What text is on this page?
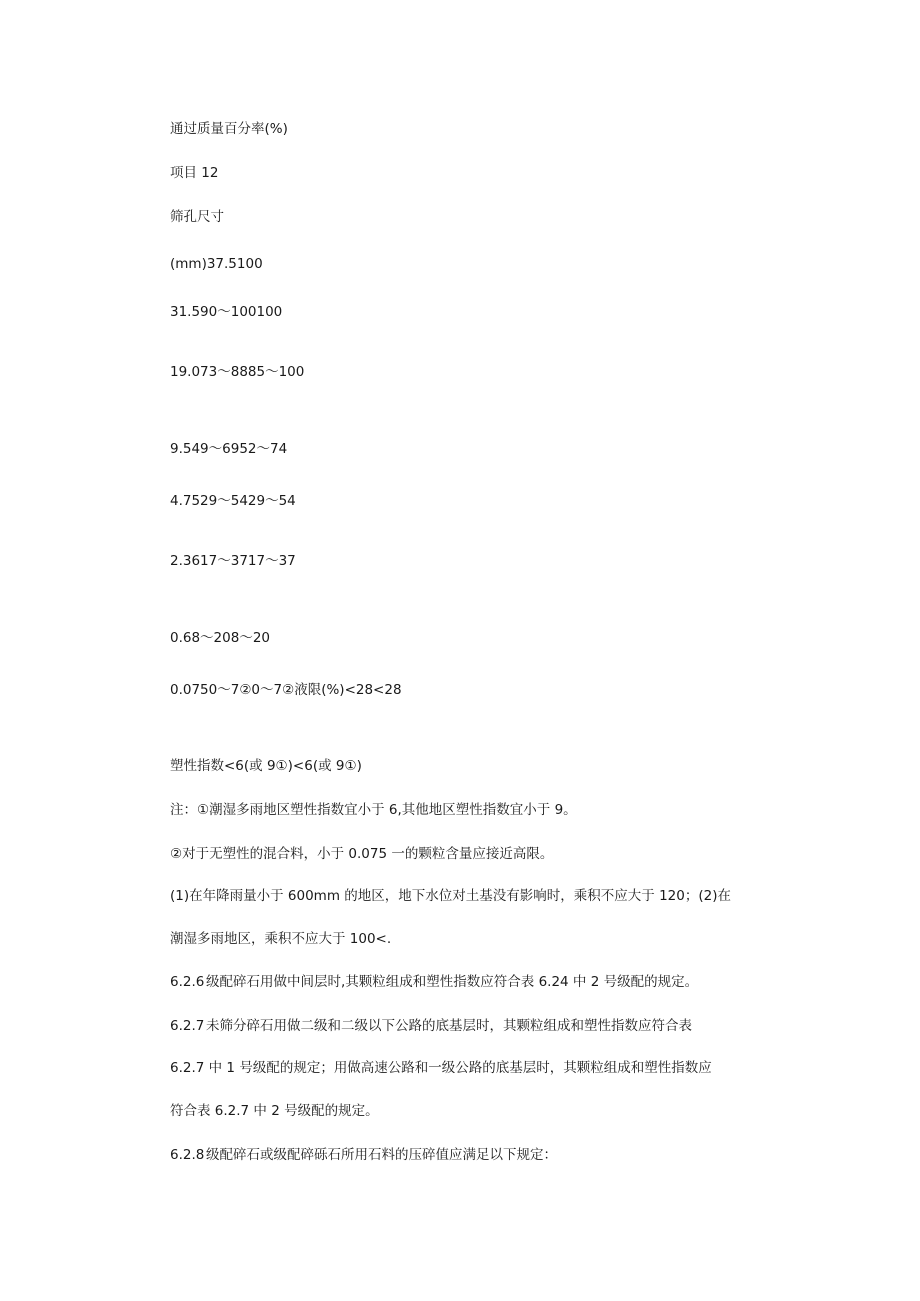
通过质量百分率(%)

项目 12

筛孔尺寸

(mm)37.5100

31.590～100100

19.073～8885～100

9.549～6952～74

4.7529～5429～54

2.3617～3717～37

0.68～208～20

0.0750～7②0～7②液限(%)<28<28

塑性指数<6(或 9①)<6(或 9①)

注：①潮湿多雨地区塑性指数宜小于 6,其他地区塑性指数宜小于 9。

②对于无塑性的混合料，小于 0.075 一的颗粒含量应接近高限。

(1)在年降雨量小于 600mm 的地区，地下水位对土基没有影响时，乘积不应大于 120；(2)在

潮湿多雨地区，乘积不应大于 100<.

6.2.6 级配碎石用做中间层时,其颗粒组成和塑性指数应符合表 6.24 中 2 号级配的规定。

6.2.7 未筛分碎石用做二级和二级以下公路的底基层时，其颗粒组成和塑性指数应符合表

6.2.7 中 1 号级配的规定；用做高速公路和一级公路的底基层时，其颗粒组成和塑性指数应

符合表 6.2.7 中 2 号级配的规定。

6.2.8 级配碎石或级配碎砾石所用石料的压碎值应满足以下规定：
